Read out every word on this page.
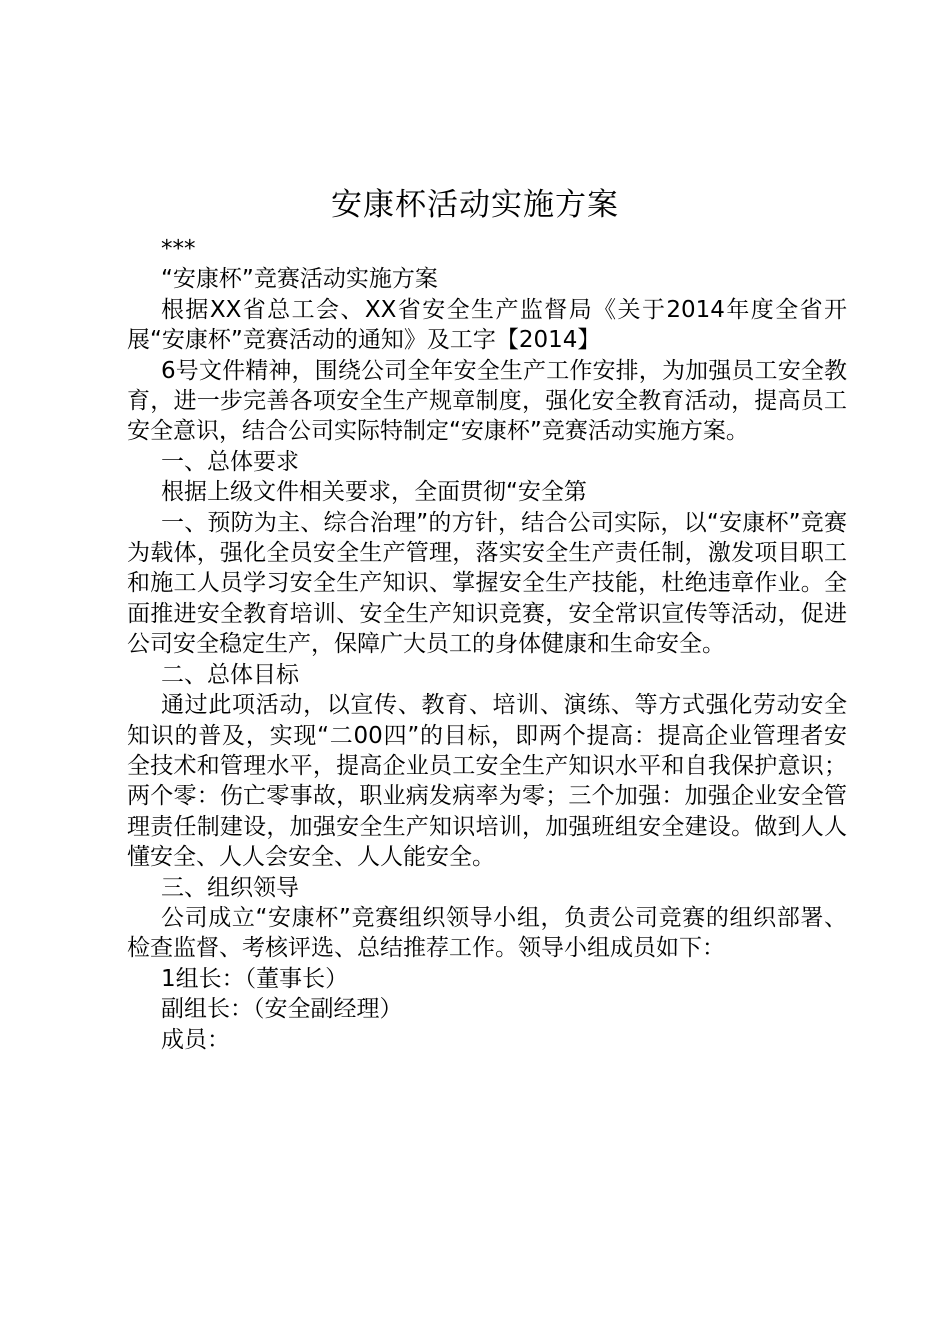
安康杯活动实施方案

***

“安康杯”竞赛活动实施方案

根据XX省总工会、XX省安全生产监督局《关于2014年度全省开展“安康杯”竞赛活动的通知》及工字【2014】

6号文件精神，围绕公司全年安全生产工作安排，为加强员工安全教育，进一步完善各项安全生产规章制度，强化安全教育活动，提高员工安全意识，结合公司实际特制定“安康杯”竞赛活动实施方案。

一、总体要求

根据上级文件相关要求，全面贯彻“安全第

一、预防为主、综合治理”的方针，结合公司实际，以“安康杯”竞赛为载体，强化全员安全生产管理，落实安全生产责任制，激发项目职工和施工人员学习安全生产知识、掌握安全生产技能，杜绝违章作业。全面推进安全教育培训、安全生产知识竞赛，安全常识宣传等活动，促进公司安全稳定生产，保障广大员工的身体健康和生命安全。

二、总体目标

通过此项活动，以宣传、教育、培训、演练、等方式强化劳动安全知识的普及，实现“二00四”的目标，即两个提高：提高企业管理者安全技术和管理水平，提高企业员工安全生产知识水平和自我保护意识；两个零：伤亡零事故，职业病发病率为零；三个加强：加强企业安全管理责任制建设，加强安全生产知识培训，加强班组安全建设。做到人人懂安全、人人会安全、人人能安全。

三、组织领导

公司成立“安康杯”竞赛组织领导小组，负责公司竞赛的组织部署、检查监督、考核评选、总结推荐工作。领导小组成员如下：

1组长：（董事长）

副组长：（安全副经理）

成员：
